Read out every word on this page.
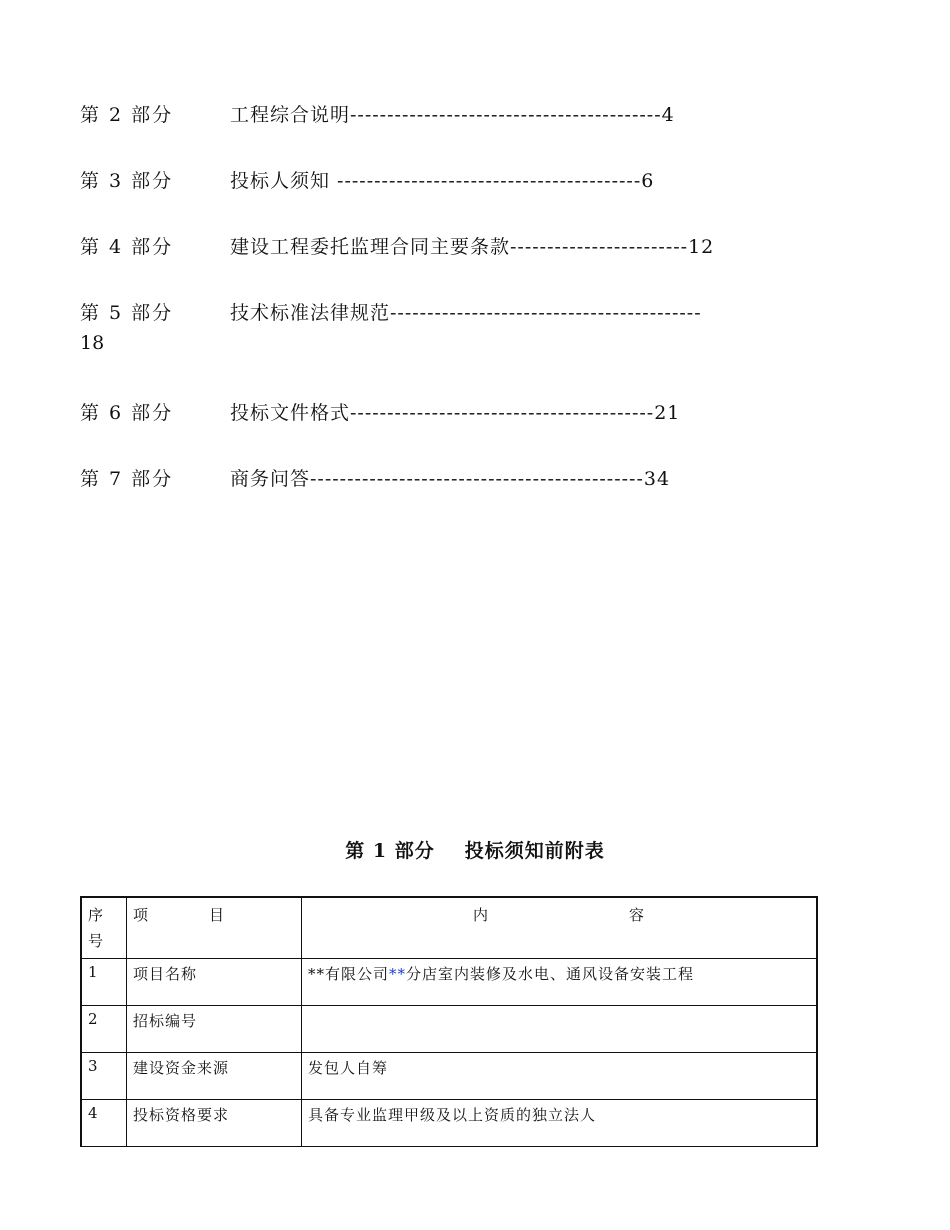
第 2 部分	工程综合说明------------------------------------------4
第 3 部分	投标人须知 -----------------------------------------6
第 4 部分	建设工程委托监理合同主要条款------------------------12
第 5 部分	技术标准法律规范------------------------------------------
18
第 6 部分	投标文件格式-----------------------------------------21
第 7 部分	商务问答---------------------------------------------34
第 1 部分 投标须知前附表
序
号	项 目	内 容
1	项目名称	**有限公司**分店室内装修及水电、通风设备安装工程
2	招标编号	
3	建设资金来源	发包人自筹
4	投标资格要求	具备专业监理甲级及以上资质的独立法人
